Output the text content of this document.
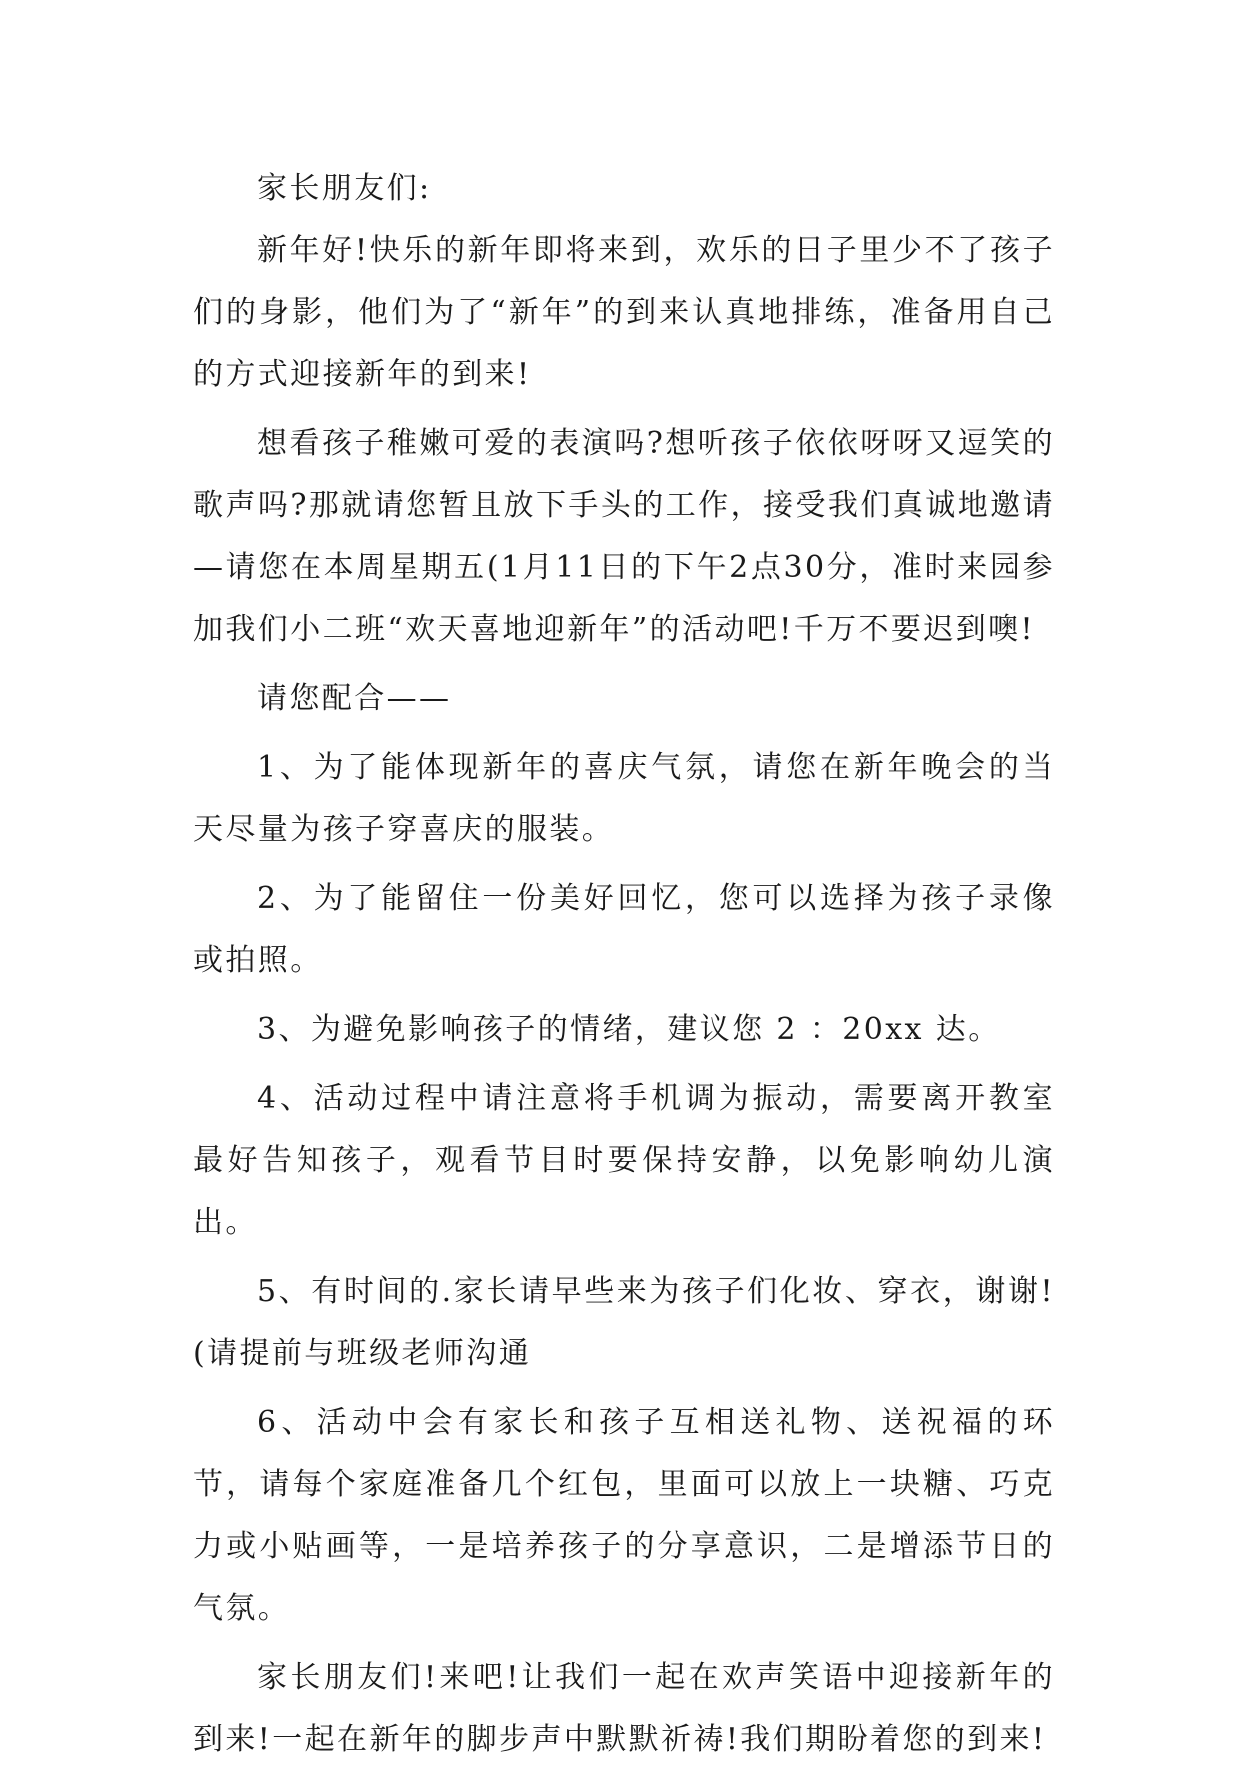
家长朋友们:

新年好!快乐的新年即将来到，欢乐的日子里少不了孩子们的身影，他们为了“新年”的到来认真地排练，准备用自己的方式迎接新年的到来!

想看孩子稚嫩可爱的表演吗?想听孩子依依呀呀又逗笑的歌声吗?那就请您暂且放下手头的工作，接受我们真诚地邀请—请您在本周星期五(1月11日的下午2点30分，准时来园参加我们小二班“欢天喜地迎新年”的活动吧!千万不要迟到噢!

请您配合——

1、为了能体现新年的喜庆气氛，请您在新年晚会的当天尽量为孩子穿喜庆的服装。

2、为了能留住一份美好回忆，您可以选择为孩子录像或拍照。

3、为避免影响孩子的情绪，建议您 2 ：20xx 达。

4、活动过程中请注意将手机调为振动，需要离开教室最好告知孩子，观看节目时要保持安静，以免影响幼儿演出。

5、有时间的.家长请早些来为孩子们化妆、穿衣，谢谢!(请提前与班级老师沟通

6、活动中会有家长和孩子互相送礼物、送祝福的环节，请每个家庭准备几个红包，里面可以放上一块糖、巧克力或小贴画等，一是培养孩子的分享意识，二是增添节日的气氛。

家长朋友们!来吧!让我们一起在欢声笑语中迎接新年的到来!一起在新年的脚步声中默默祈祷!我们期盼着您的到来!
